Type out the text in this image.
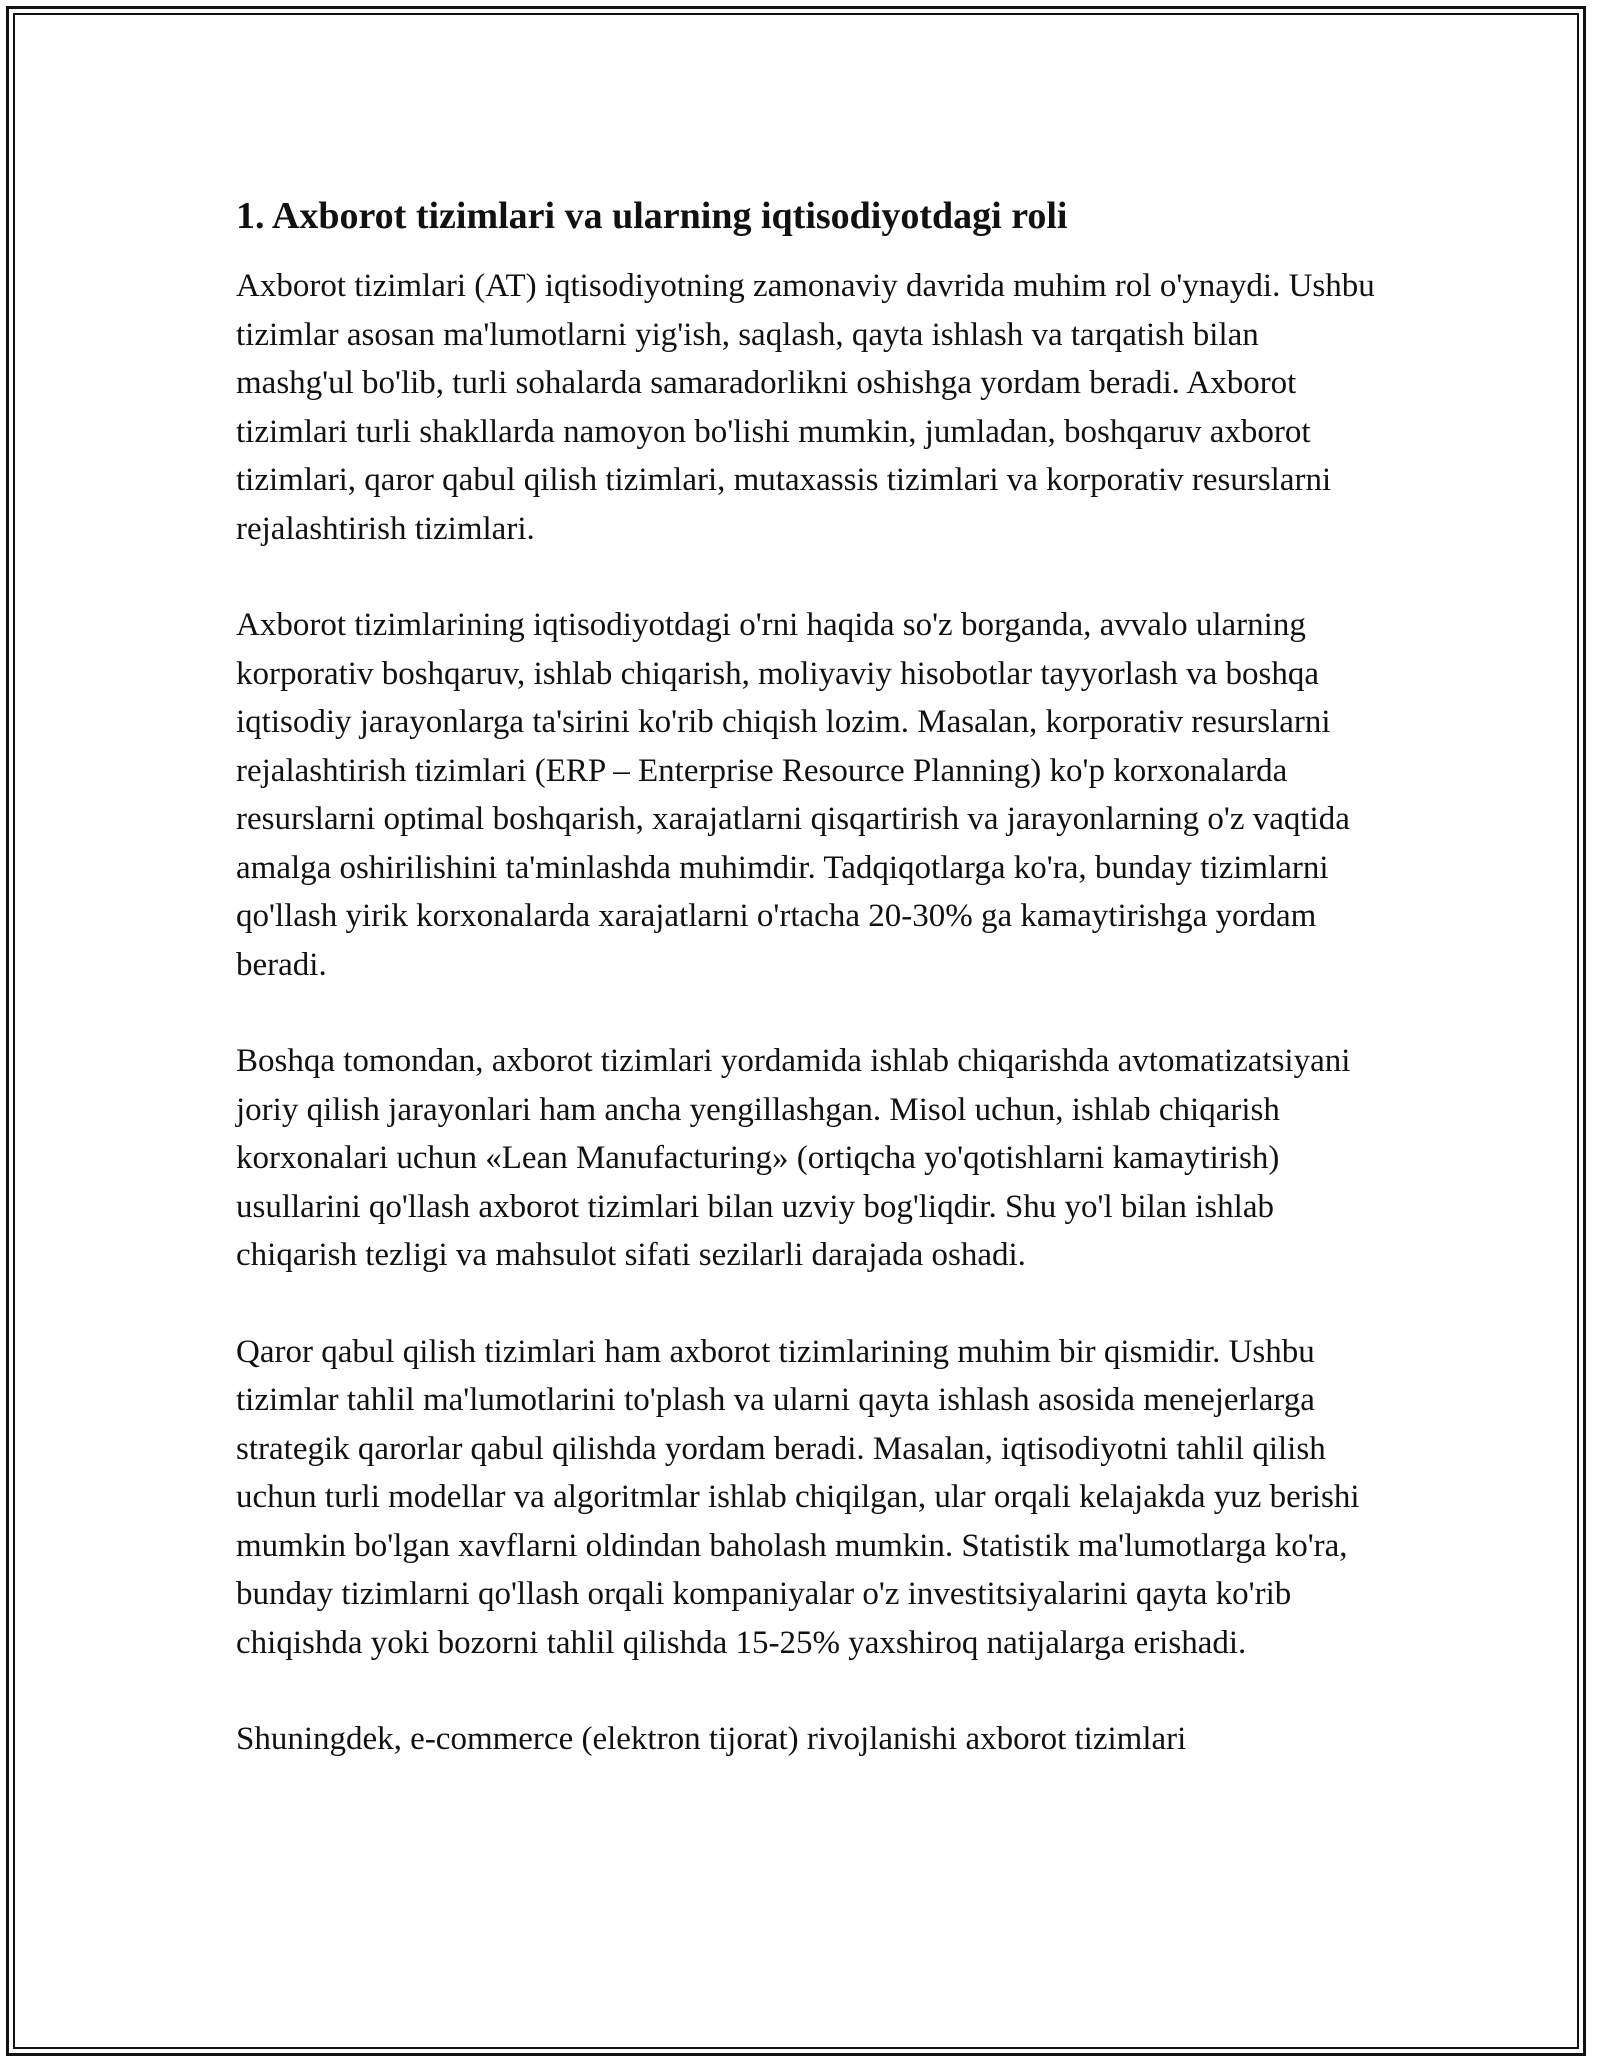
1. Axborot tizimlari va ularning iqtisodiyotdagi roli

Axborot tizimlari (AT) iqtisodiyotning zamonaviy davrida muhim rol o'ynaydi. Ushbu tizimlar asosan ma'lumotlarni yig'ish, saqlash, qayta ishlash va tarqatish bilan mashg'ul bo'lib, turli sohalarda samaradorlikni oshishga yordam beradi. Axborot tizimlari turli shakllarda namoyon bo'lishi mumkin, jumladan, boshqaruv axborot tizimlari, qaror qabul qilish tizimlari, mutaxassis tizimlari va korporativ resurslarni rejalashtirish tizimlari.

Axborot tizimlarining iqtisodiyotdagi o'rni haqida so'z borganda, avvalo ularning korporativ boshqaruv, ishlab chiqarish, moliyaviy hisobotlar tayyorlash va boshqa iqtisodiy jarayonlarga ta'sirini ko'rib chiqish lozim. Masalan, korporativ resurslarni rejalashtirish tizimlari (ERP – Enterprise Resource Planning) ko'p korxonalarda resurslarni optimal boshqarish, xarajatlarni qisqartirish va jarayonlarning o'z vaqtida amalga oshirilishini ta'minlashda muhimdir. Tadqiqotlarga ko'ra, bunday tizimlarni qo'llash yirik korxonalarda xarajatlarni o'rtacha 20-30% ga kamaytirishga yordam beradi.

Boshqa tomondan, axborot tizimlari yordamida ishlab chiqarishda avtomatizatsiyani joriy qilish jarayonlari ham ancha yengillashgan. Misol uchun, ishlab chiqarish korxonalari uchun «Lean Manufacturing» (ortiqcha yo'qotishlarni kamaytirish) usullarini qo'llash axborot tizimlari bilan uzviy bog'liqdir. Shu yo'l bilan ishlab chiqarish tezligi va mahsulot sifati sezilarli darajada oshadi.

Qaror qabul qilish tizimlari ham axborot tizimlarining muhim bir qismidir. Ushbu tizimlar tahlil ma'lumotlarini to'plash va ularni qayta ishlash asosida menejerlarga strategik qarorlar qabul qilishda yordam beradi. Masalan, iqtisodiyotni tahlil qilish uchun turli modellar va algoritmlar ishlab chiqilgan, ular orqali kelajakda yuz berishi mumkin bo'lgan xavflarni oldindan baholash mumkin. Statistik ma'lumotlarga ko'ra, bunday tizimlarni qo'llash orqali kompaniyalar o'z investitsiyalarini qayta ko'rib chiqishda yoki bozorni tahlil qilishda 15-25% yaxshiroq natijalarga erishadi.

Shuningdek, e-commerce (elektron tijorat) rivojlanishi axborot tizimlari
